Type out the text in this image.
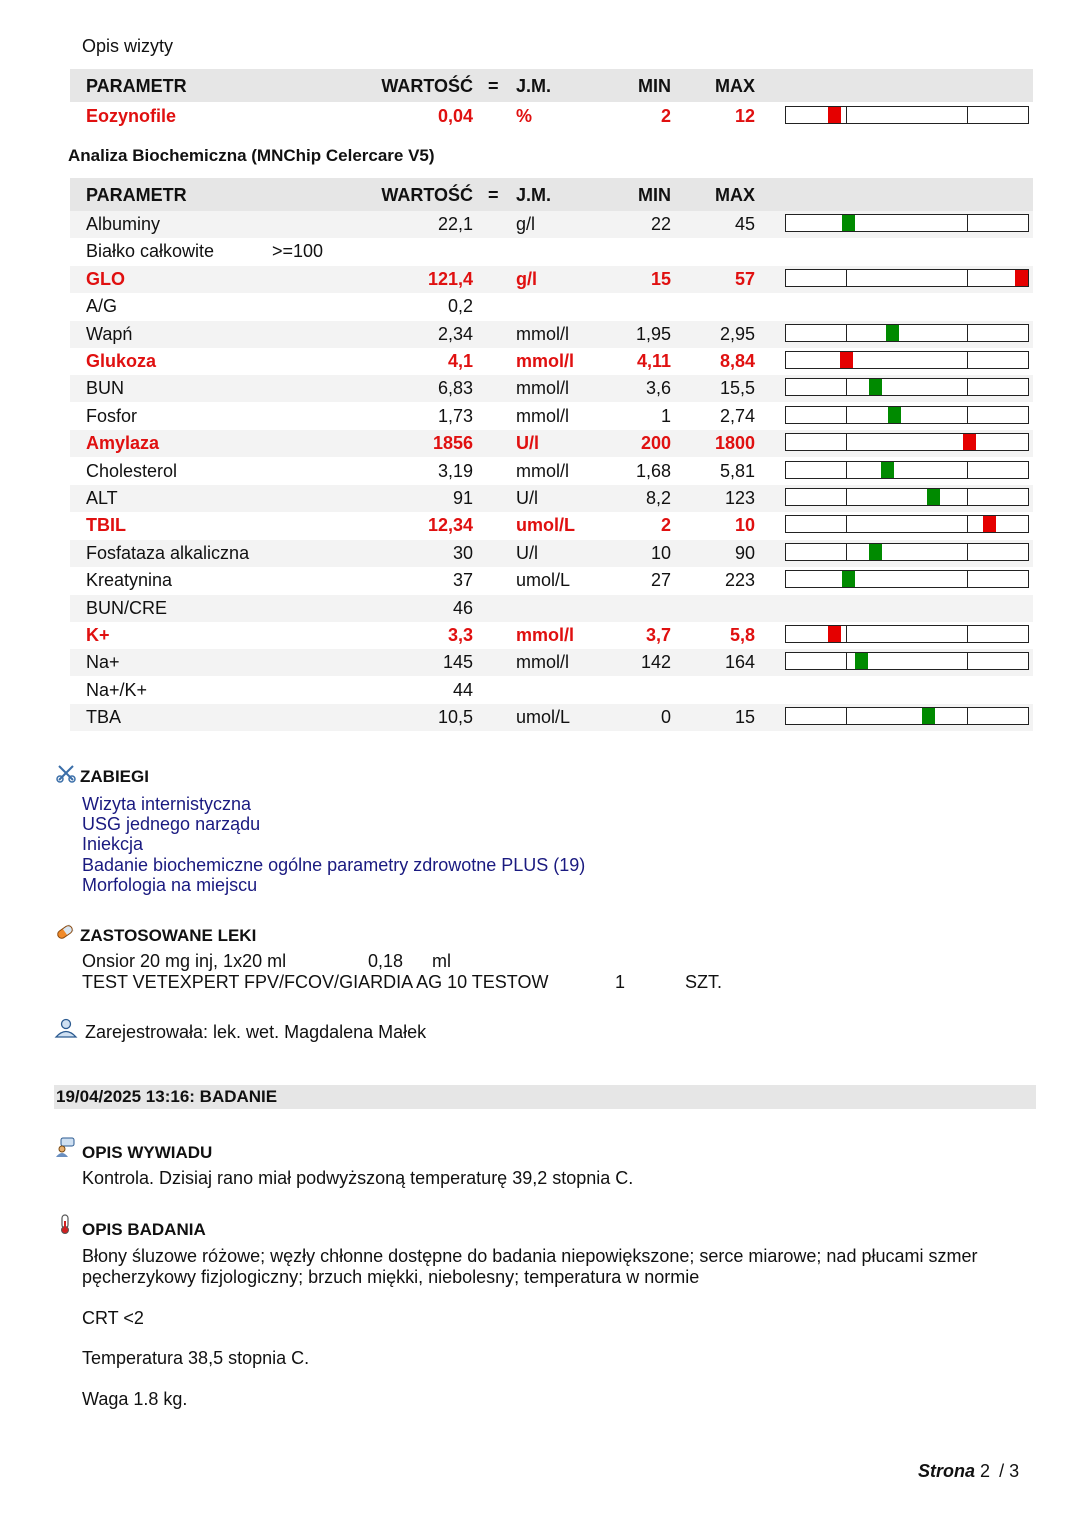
Opis wizyty
PARAMETR	WARTOŚĆ = J.M.	MIN MAX
Eozynofile	0,04 %	2	12
Analiza Biochemiczna (MNChip Celercare V5)
PARAMETR	WARTOŚĆ = J.M.	MIN MAX
Albuminy	22,1 g/l	22	45
Białko całkowite	>=100
GLO	121,4 g/l	15	57
A/G	0,2
Wapń	2,34 mmol/l	1,95	2,95
Glukoza	4,1 mmol/l	4,11	8,84
BUN	6,83 mmol/l	3,6	15,5
Fosfor	1,73 mmol/l	1	2,74
Amylaza	1856 U/l	200 1800
Cholesterol	3,19 mmol/l	1,68	5,81
ALT	91 U/l	8,2	123
TBIL	12,34 umol/L	2	10
Fosfataza alkaliczna	30 U/l	10	90
Kreatynina	37 umol/L	27	223
BUN/CRE	46
K+	3,3 mmol/l	3,7	5,8
Na+	145 mmol/l	142	164
Na+/K+	44
TBA	10,5 umol/L	0	15
ZABIEGI
Wizyta internistyczna
USG jednego narządu
Iniekcja
Badanie biochemiczne ogólne parametry zdrowotne PLUS (19)
Morfologia na miejscu
ZASTOSOWANE LEKI
Onsior 20 mg inj, 1x20 ml	0,18 ml
TEST VETEXPERT FPV/FCOV/GIARDIA AG 10 TESTOW	1	SZT.
Zarejestrowała: lek. wet. Magdalena Małek
19/04/2025 13:16: BADANIE
OPIS WYWIADU
Kontrola. Dzisiaj rano miał podwyższoną temperaturę 39,2 stopnia C.
OPIS BADANIA
Błony śluzowe różowe; węzły chłonne dostępne do badania niepowiększone; serce miarowe; nad płucami szmer
pęcherzykowy fizjologiczny; brzuch miękki, niebolesny; temperatura w normie
CRT <2
Temperatura 38,5 stopnia C.
Waga 1.8 kg.
Strona 2 / 3
